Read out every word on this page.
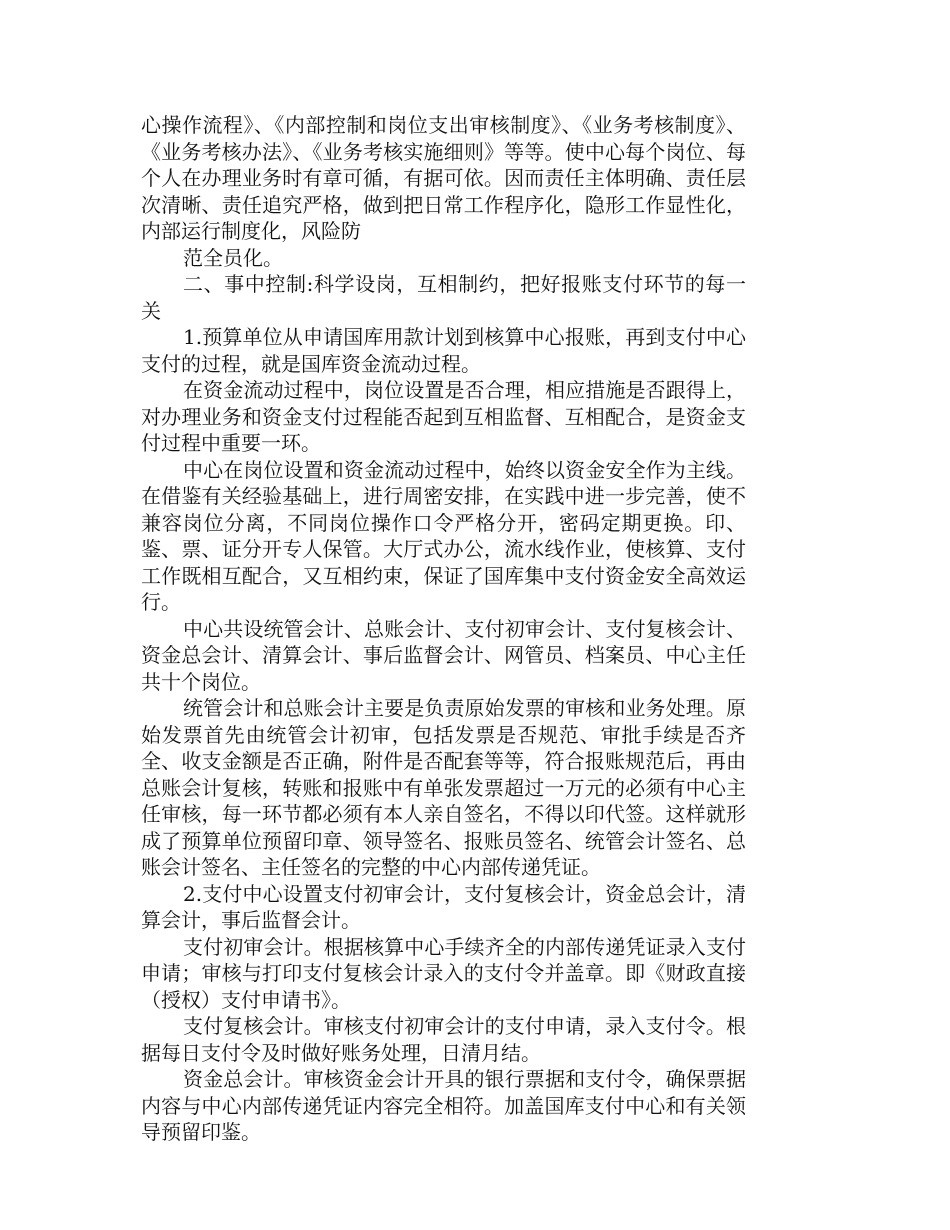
心操作流程》、《内部控制和岗位支出审核制度》、《业务考核制度》、《业务考核办法》、《业务考核实施细则》等等。使中心每个岗位、每个人在办理业务时有章可循，有据可依。因而责任主体明确、责任层次清晰、责任追究严格，做到把日常工作程序化，隐形工作显性化，内部运行制度化，风险防

范全员化。

二、事中控制:科学设岗，互相制约，把好报账支付环节的每一关

1.预算单位从申请国库用款计划到核算中心报账，再到支付中心支付的过程，就是国库资金流动过程。

在资金流动过程中，岗位设置是否合理，相应措施是否跟得上，对办理业务和资金支付过程能否起到互相监督、互相配合，是资金支付过程中重要一环。

中心在岗位设置和资金流动过程中，始终以资金安全作为主线。在借鉴有关经验基础上，进行周密安排，在实践中进一步完善，使不兼容岗位分离，不同岗位操作口令严格分开，密码定期更换。印、鉴、票、证分开专人保管。大厅式办公，流水线作业，使核算、支付工作既相互配合，又互相约束，保证了国库集中支付资金安全高效运行。

中心共设统管会计、总账会计、支付初审会计、支付复核会计、资金总会计、清算会计、事后监督会计、网管员、档案员、中心主任共十个岗位。

统管会计和总账会计主要是负责原始发票的审核和业务处理。原始发票首先由统管会计初审，包括发票是否规范、审批手续是否齐全、收支金额是否正确，附件是否配套等等，符合报账规范后，再由总账会计复核，转账和报账中有单张发票超过一万元的必须有中心主任审核，每一环节都必须有本人亲自签名，不得以印代签。这样就形成了预算单位预留印章、领导签名、报账员签名、统管会计签名、总账会计签名、主任签名的完整的中心内部传递凭证。

2.支付中心设置支付初审会计，支付复核会计，资金总会计，清算会计，事后监督会计。

支付初审会计。根据核算中心手续齐全的内部传递凭证录入支付申请；审核与打印支付复核会计录入的支付令并盖章。即《财政直接（授权）支付申请书》。

支付复核会计。审核支付初审会计的支付申请，录入支付令。根据每日支付令及时做好账务处理，日清月结。

资金总会计。审核资金会计开具的银行票据和支付令，确保票据内容与中心内部传递凭证内容完全相符。加盖国库支付中心和有关领导预留印鉴。
